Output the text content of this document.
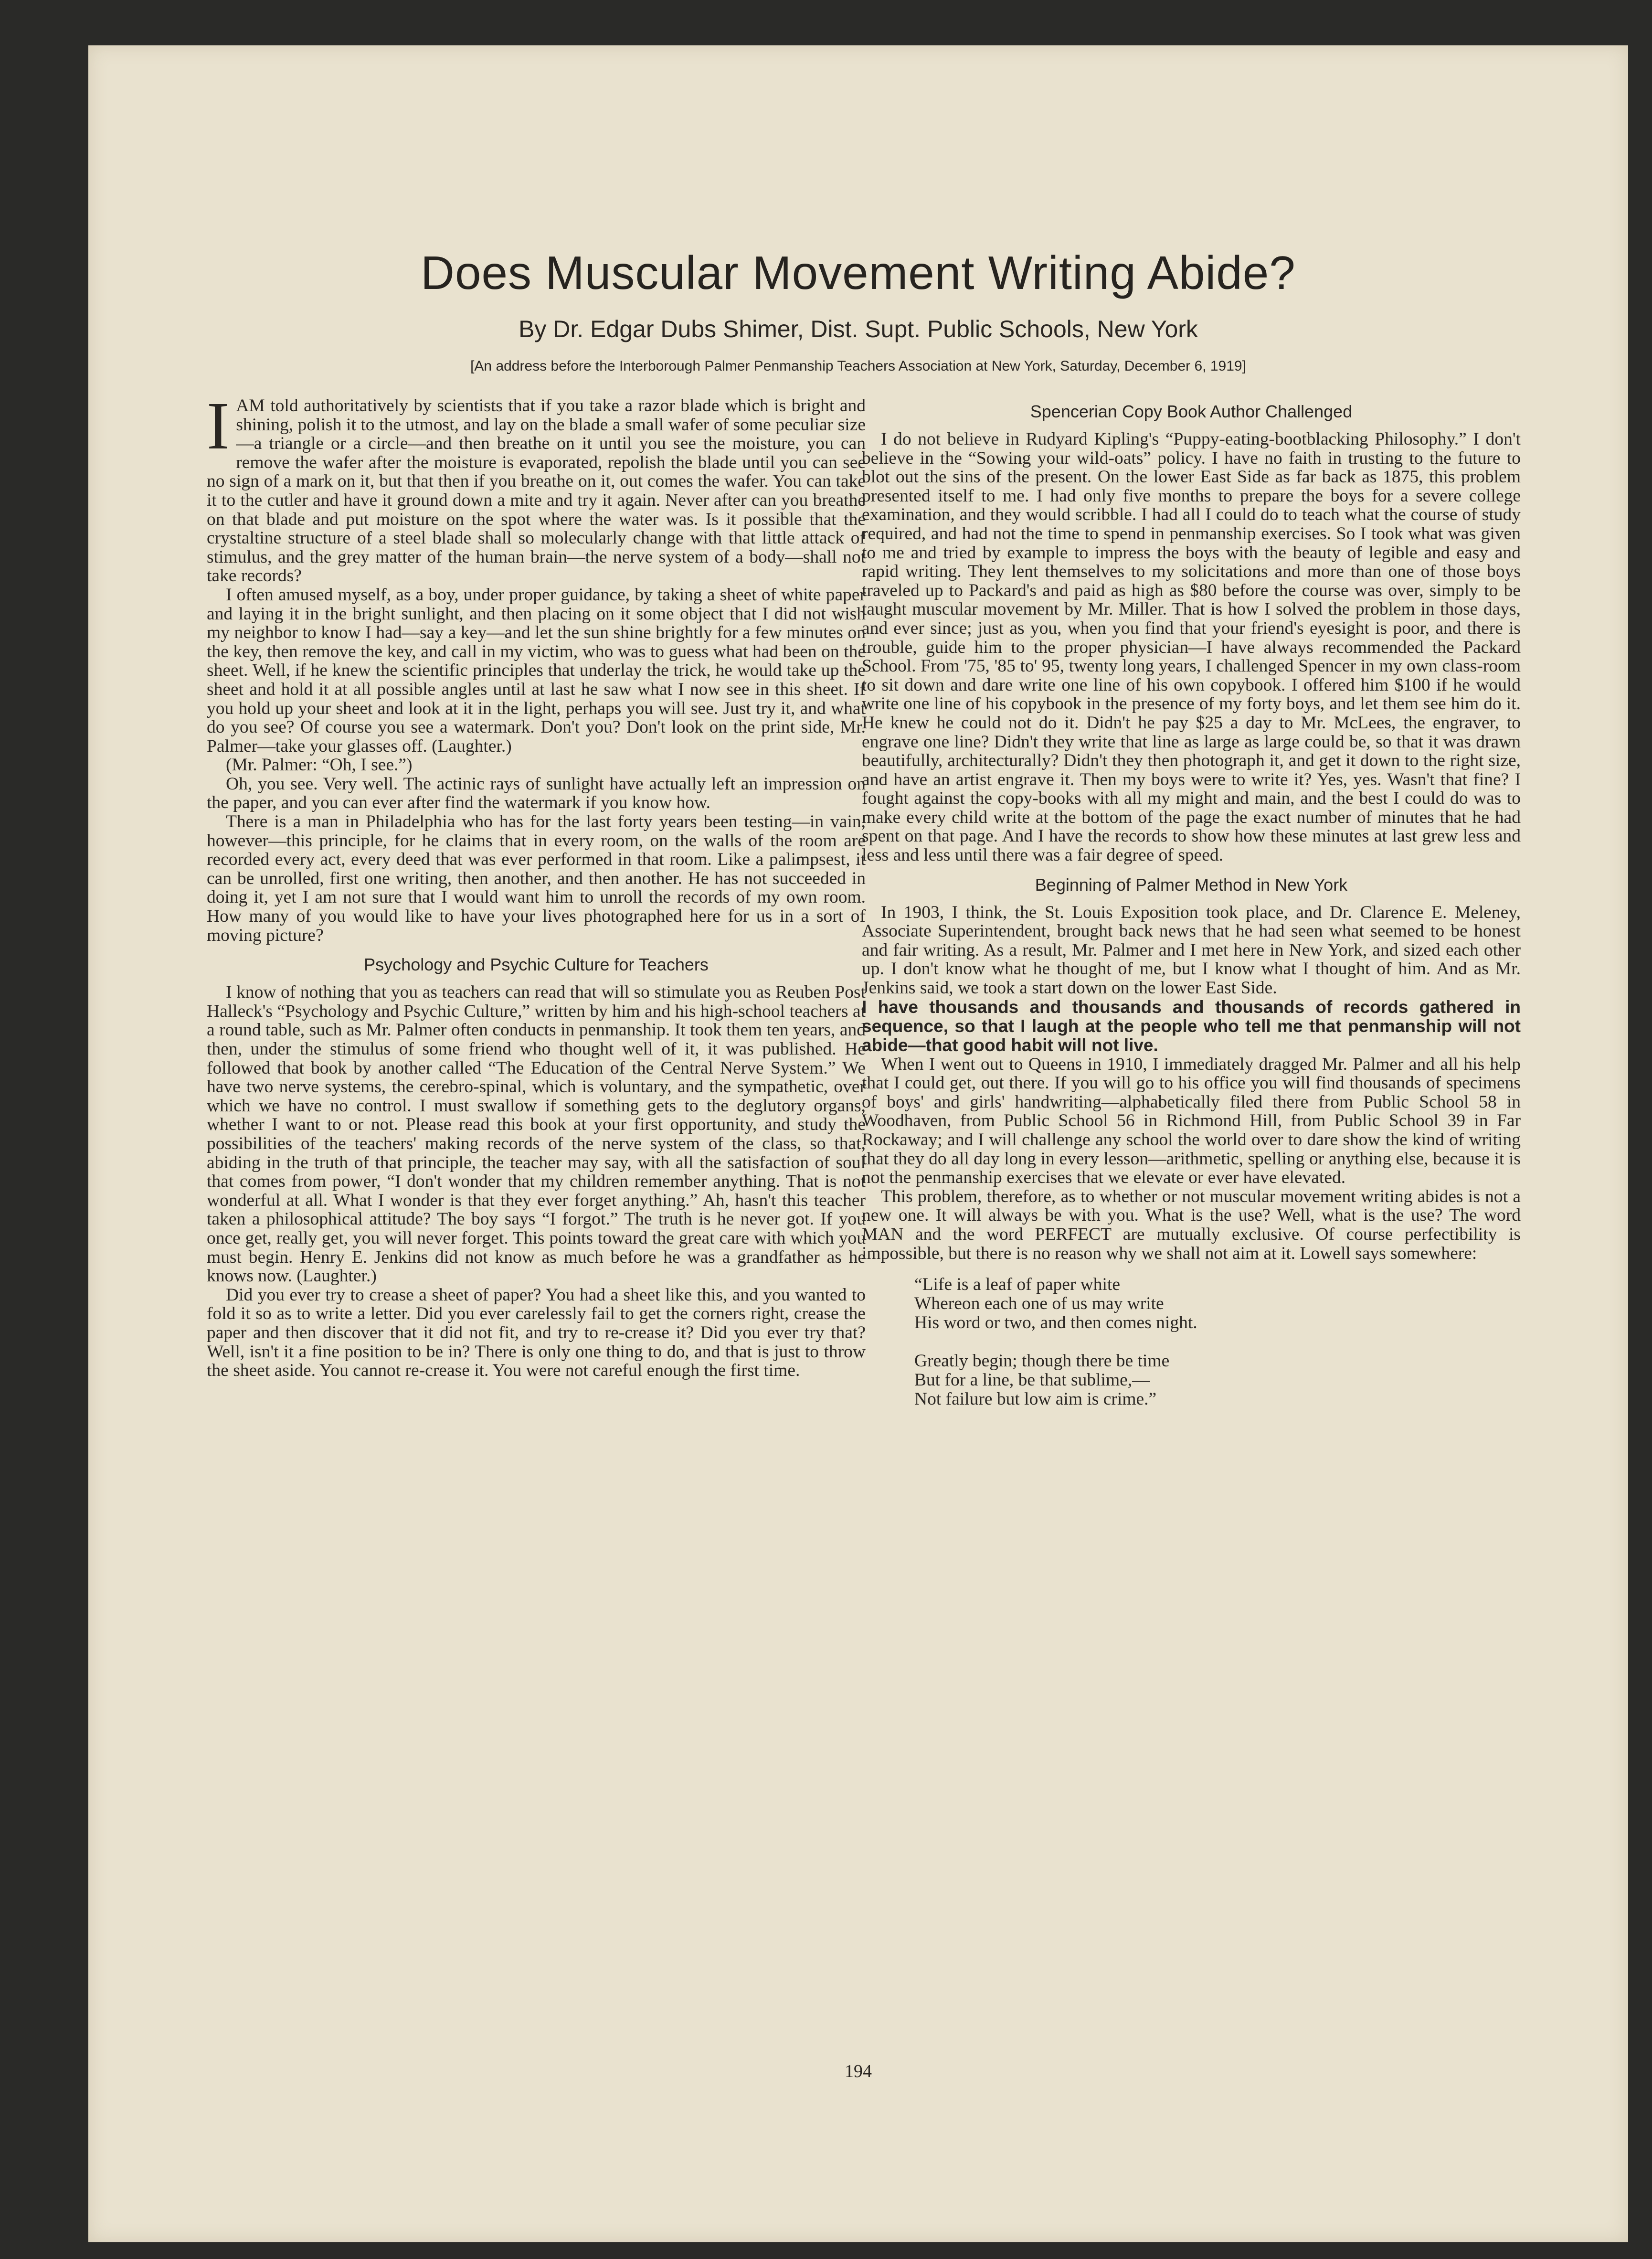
Does Muscular Movement Writing Abide?
By Dr. Edgar Dubs Shimer, Dist. Supt. Public Schools, New York
[An address before the Interborough Palmer Penmanship Teachers Association at New York, Saturday, December 6, 1919]

IAM told authoritatively by scientists that if you take a razor blade which is bright and shining, polish it to the utmost, and lay on the blade a small wafer of some peculiar size—a triangle or a circle—and then breathe on it until you see the moisture, you can remove the wafer after the moisture is evaporated, repolish the blade until you can see no sign of a mark on it, but that then if you breathe on it, out comes the wafer. You can take it to the cutler and have it ground down a mite and try it again. Never after can you breathe on that blade and put moisture on the spot where the water was. Is it possible that the crystaltine structure of a steel blade shall so molecularly change with that little attack of stimulus, and the grey matter of the human brain—the nerve system of a body—shall not take records?

I often amused myself, as a boy, under proper guidance, by taking a sheet of white paper and laying it in the bright sunlight, and then placing on it some object that I did not wish my neighbor to know I had—say a key—and let the sun shine brightly for a few minutes on the key, then remove the key, and call in my victim, who was to guess what had been on the sheet. Well, if he knew the scientific principles that underlay the trick, he would take up the sheet and hold it at all possible angles until at last he saw what I now see in this sheet. If you hold up your sheet and look at it in the light, perhaps you will see. Just try it, and what do you see? Of course you see a watermark. Don't you? Don't look on the print side, Mr. Palmer—take your glasses off. (Laughter.)

(Mr. Palmer: “Oh, I see.”)

Oh, you see. Very well. The actinic rays of sunlight have actually left an impression on the paper, and you can ever after find the watermark if you know how.

There is a man in Philadelphia who has for the last forty years been testing—in vain, however—this principle, for he claims that in every room, on the walls of the room are recorded every act, every deed that was ever performed in that room. Like a palimpsest, it can be unrolled, first one writing, then another, and then another. He has not succeeded in doing it, yet I am not sure that I would want him to unroll the records of my own room. How many of you would like to have your lives photographed here for us in a sort of moving picture?

Psychology and Psychic Culture for Teachers

I know of nothing that you as teachers can read that will so stimulate you as Reuben Post Halleck's “Psychology and Psychic Culture,” written by him and his high-school teachers at a round table, such as Mr. Palmer often conducts in penmanship. It took them ten years, and then, under the stimulus of some friend who thought well of it, it was published. He followed that book by another called “The Education of the Central Nerve System.” We have two nerve systems, the cerebro-spinal, which is voluntary, and the sympathetic, over which we have no control. I must swallow if something gets to the deglutory organs, whether I want to or not. Please read this book at your first opportunity, and study the possibilities of the teachers' making records of the nerve system of the class, so that, abiding in the truth of that principle, the teacher may say, with all the satisfaction of soul that comes from power, “I don't wonder that my children remember anything. That is not wonderful at all. What I wonder is that they ever forget anything.” Ah, hasn't this teacher taken a philosophical attitude? The boy says “I forgot.” The truth is he never got. If you once get, really get, you will never forget. This points toward the great care with which you must begin. Henry E. Jenkins did not know as much before he was a grandfather as he knows now. (Laughter.)

Did you ever try to crease a sheet of paper? You had a sheet like this, and you wanted to fold it so as to write a letter. Did you ever carelessly fail to get the corners right, crease the paper and then discover that it did not fit, and try to re-crease it? Did you ever try that? Well, isn't it a fine position to be in? There is only one thing to do, and that is just to throw the sheet aside. You cannot re-crease it. You were not careful enough the first time.

Spencerian Copy Book Author Challenged

I do not believe in Rudyard Kipling's “Puppy-eating-bootblacking Philosophy.” I don't believe in the “Sowing your wild-oats” policy. I have no faith in trusting to the future to blot out the sins of the present. On the lower East Side as far back as 1875, this problem presented itself to me. I had only five months to prepare the boys for a severe college examination, and they would scribble. I had all I could do to teach what the course of study required, and had not the time to spend in penmanship exercises. So I took what was given to me and tried by example to impress the boys with the beauty of legible and easy and rapid writing. They lent themselves to my solicitations and more than one of those boys traveled up to Packard's and paid as high as $80 before the course was over, simply to be taught muscular movement by Mr. Miller. That is how I solved the problem in those days, and ever since; just as you, when you find that your friend's eyesight is poor, and there is trouble, guide him to the proper physician—I have always recommended the Packard School. From '75, '85 to' 95, twenty long years, I challenged Spencer in my own class-room to sit down and dare write one line of his own copybook. I offered him $100 if he would write one line of his copybook in the presence of my forty boys, and let them see him do it. He knew he could not do it. Didn't he pay $25 a day to Mr. McLees, the engraver, to engrave one line? Didn't they write that line as large as large could be, so that it was drawn beautifully, architecturally? Didn't they then photograph it, and get it down to the right size, and have an artist engrave it. Then my boys were to write it? Yes, yes. Wasn't that fine? I fought against the copy-books with all my might and main, and the best I could do was to make every child write at the bottom of the page the exact number of minutes that he had spent on that page. And I have the records to show how these minutes at last grew less and less and less until there was a fair degree of speed.

Beginning of Palmer Method in New York

In 1903, I think, the St. Louis Exposition took place, and Dr. Clarence E. Meleney, Associate Superintendent, brought back news that he had seen what seemed to be honest and fair writing. As a result, Mr. Palmer and I met here in New York, and sized each other up. I don't know what he thought of me, but I know what I thought of him. And as Mr. Jenkins said, we took a start down on the lower East Side.

I have thousands and thousands and thousands of records gathered in sequence, so that I laugh at the people who tell me that penmanship will not abide—that good habit will not live.

When I went out to Queens in 1910, I immediately dragged Mr. Palmer and all his help that I could get, out there. If you will go to his office you will find thousands of specimens of boys' and girls' handwriting—alphabetically filed there from Public School 58 in Woodhaven, from Public School 56 in Richmond Hill, from Public School 39 in Far Rockaway; and I will challenge any school the world over to dare show the kind of writing that they do all day long in every lesson—arithmetic, spelling or anything else, because it is not the penmanship exercises that we elevate or ever have elevated.

This problem, therefore, as to whether or not muscular movement writing abides is not a new one. It will always be with you. What is the use? Well, what is the use? The word MAN and the word PERFECT are mutually exclusive. Of course perfectibility is impossible, but there is no reason why we shall not aim at it. Lowell says somewhere:

“Life is a leaf of paper white
Whereon each one of us may write
His word or two, and then comes night.
Greatly begin; though there be time
But for a line, be that sublime,—
Not failure but low aim is crime.”
194
